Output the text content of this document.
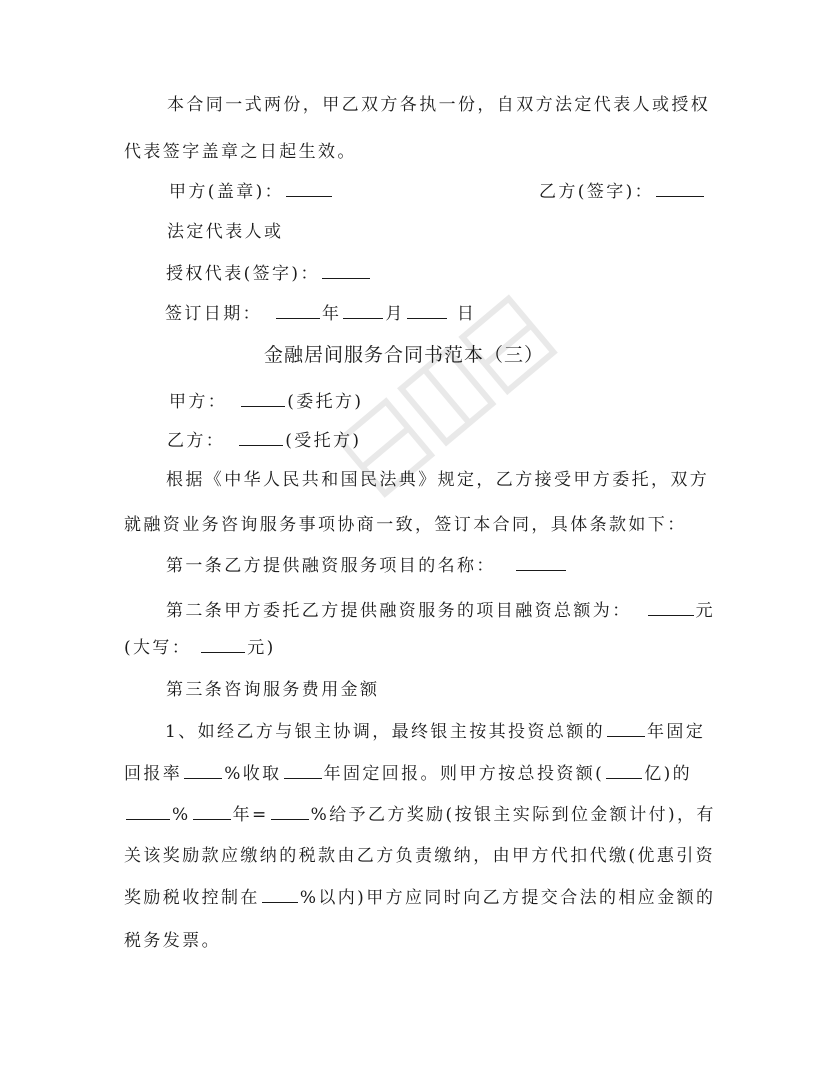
本合同一式两份，甲乙双方各执一份，自双方法定代表人或授权
代表签字盖章之日起生效。
甲方(盖章)：	乙方(签字)：
法定代表人或
授权代表(签字)：
签订日期：	年	月	日
金融居间服务合同书范本（三）
甲方：	(委托方)
乙方：	(受托方)
根据《中华人民共和国民法典》规定，乙方接受甲方委托，双方
就融资业务咨询服务事项协商一致，签订本合同，具体条款如下：
第一条乙方提供融资服务项目的名称：
第二条甲方委托乙方提供融资服务的项目融资总额为：	元
(大写：	元)
第三条咨询服务费用金额
1、如经乙方与银主协调，最终银主按其投资总额的 年固定
回报率 %收取 年固定回报。则甲方按总投资额( 亿)的
% 年= %给予乙方奖励(按银主实际到位金额计付)，有
关该奖励款应缴纳的税款由乙方负责缴纳，由甲方代扣代缴(优惠引资
奖励税收控制在 %以内)甲方应同时向乙方提交合法的相应金额的
税务发票。
